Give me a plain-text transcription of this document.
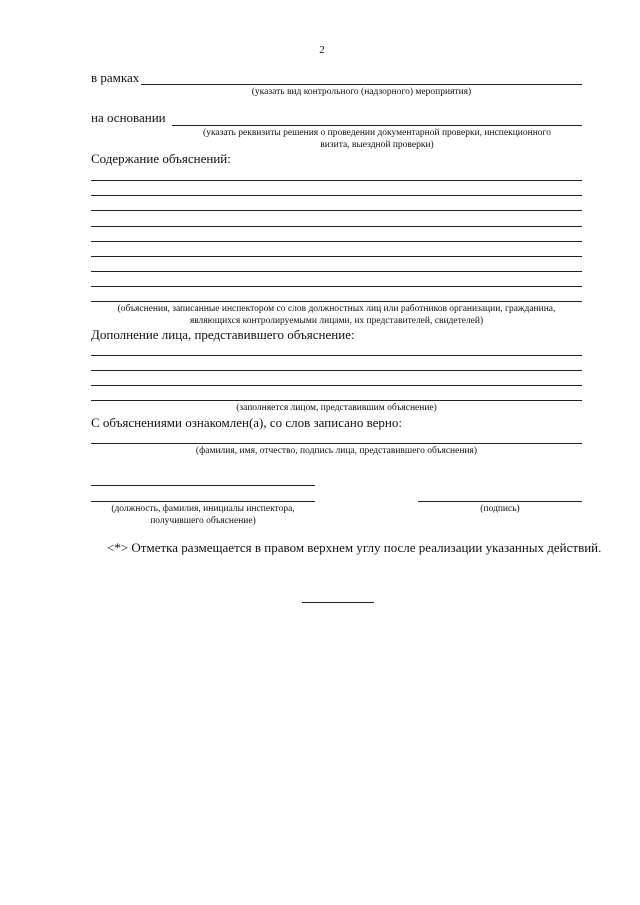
2
в рамках
(указать вид контрольного (надзорного) мероприятия)
на основании
(указать реквизиты решения о проведении документарной проверки, инспекционного
визита, выездной проверки)
Содержание объяснений:
(объяснения, записанные инспектором со слов должностных лиц или работников организации, гражданина,
являющихся контролируемыми лицами, их представителей, свидетелей)
Дополнение лица, представившего объяснение:
(заполняется лицом, представившим объяснение)
С объяснениями ознакомлен(а), со слов записано верно:
(фамилия, имя, отчество, подпись лица, представившего объяснения)
(должность, фамилия, инициалы инспектора,
получившего объяснение)
(подпись)
<*> Отметка размещается в правом верхнем углу после реализации указанных действий.
